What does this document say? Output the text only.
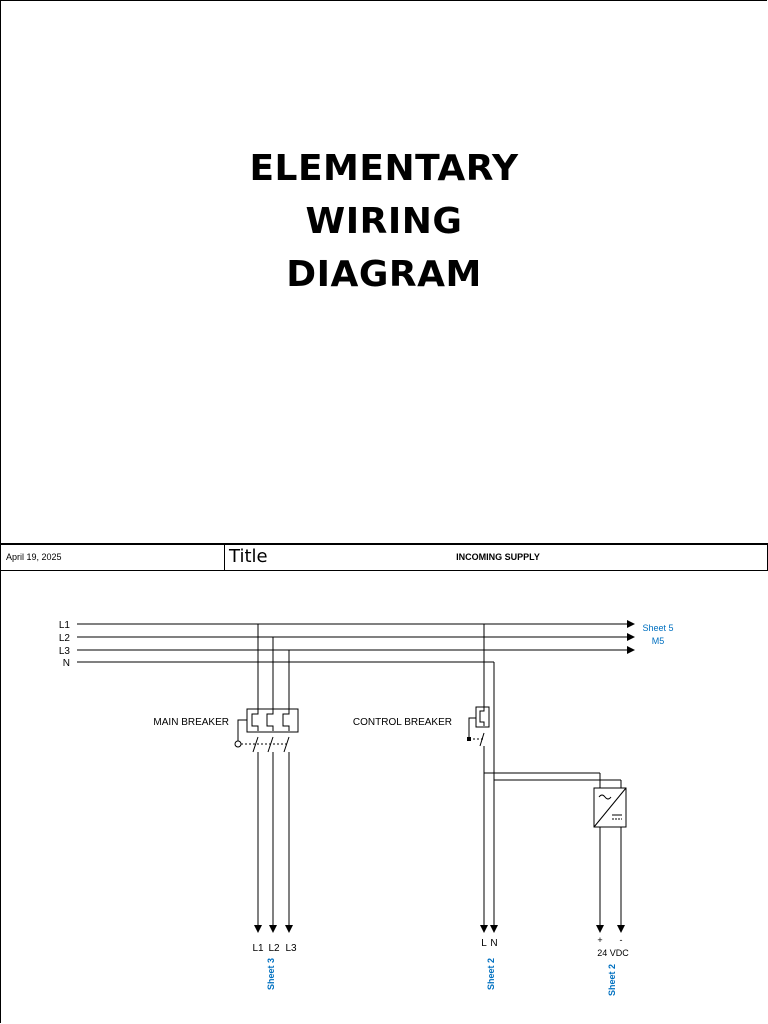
ELEMENTARY
WIRING
DIAGRAM
April 19, 2025	Title	INCOMING SUPPLY
L1
L2
L3
N
Sheet 5
M5
MAIN BREAKER	CONTROL BREAKER
L1 L2 L3	L N	+ -
24 VDC
Sheet 3	Sheet 2	Sheet 2
